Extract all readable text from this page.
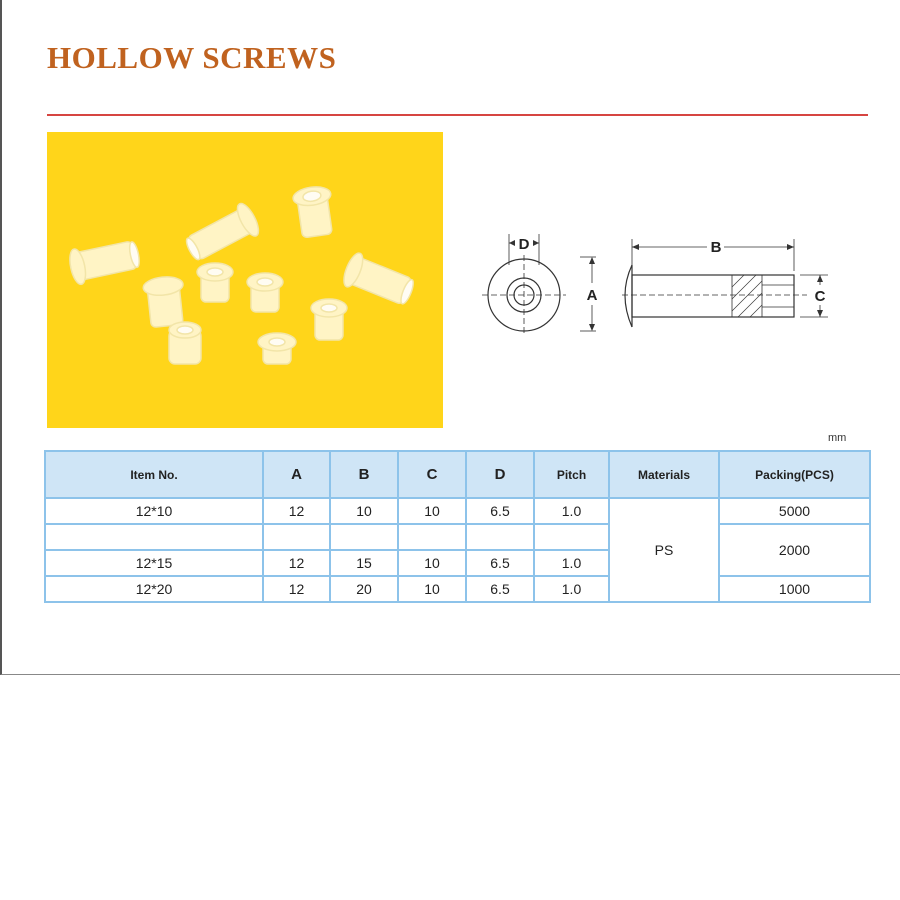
HOLLOW SCREWS
D
A
B
C
mm
Item No.	A	B	C	D	Pitch	Materials	Packing(PCS)
12*10	12	10	10	6.5	1.0	PS	5000
							2000
12*15	12	15	10	6.5	1.0		
12*20	12	20	10	6.5	1.0		1000
